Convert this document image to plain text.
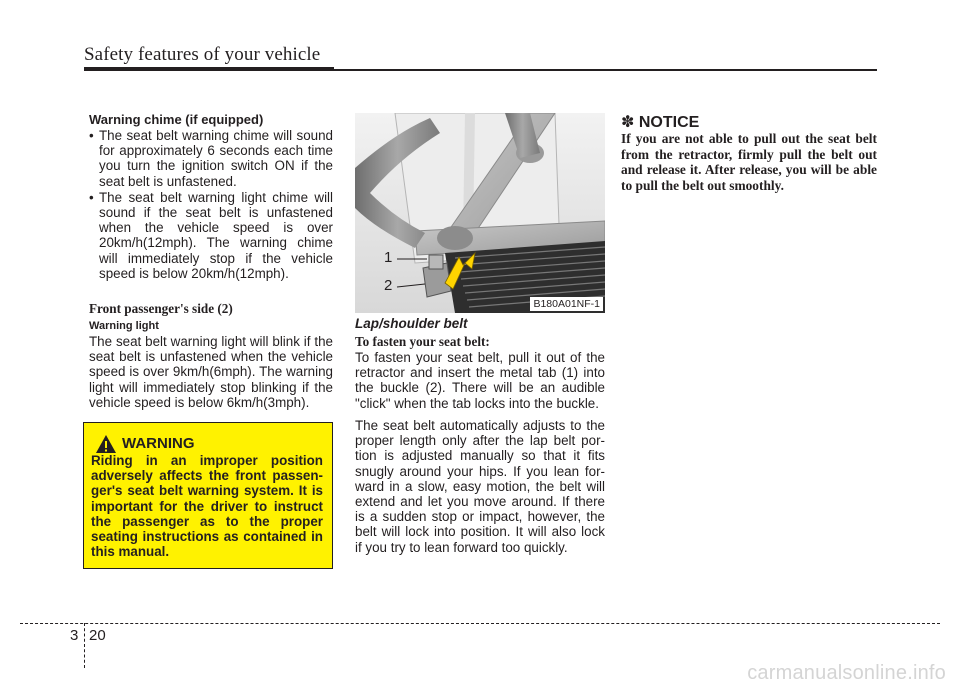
Safety features of your vehicle
Warning chime (if equipped)
• The seat belt warning chime will sound for approximately 6 seconds each time you turn the ignition switch ON if the seat belt is unfastened.
• The seat belt warning light chime will sound if the seat belt is unfastened when the vehicle speed is over 20km/h(12mph). The warning chime will immediately stop if the vehicle speed is below 20km/h(12mph).
Front passenger's side (2)
Warning light
The seat belt warning light will blink if the seat belt is unfastened when the vehicle speed is over 9km/h(6mph). The warning light will immediately stop blinking if the vehicle speed is below 6km/h(3mph).
WARNING
Riding in an improper position adversely affects the front passen-ger's seat belt warning system. It is important for the driver to instruct the passenger as to the proper seating instructions as contained in this manual.
1
2
B180A01NF-1
Lap/shoulder belt
To fasten your seat belt:
To fasten your seat belt, pull it out of the retractor and insert the metal tab (1) into the buckle (2). There will be an audible "click" when the tab locks into the buckle.
The seat belt automatically adjusts to the proper length only after the lap belt por-tion is adjusted manually so that it fits snugly around your hips. If you lean for-ward in a slow, easy motion, the belt will extend and let you move around. If there is a sudden stop or impact, however, the belt will lock into position. It will also lock if you try to lean forward too quickly.
✽ NOTICE
If you are not able to pull out the seat belt from the retractor, firmly pull the belt out and release it. After release, you will be able to pull the belt out smoothly.
3 20
carmanualsonline.info
